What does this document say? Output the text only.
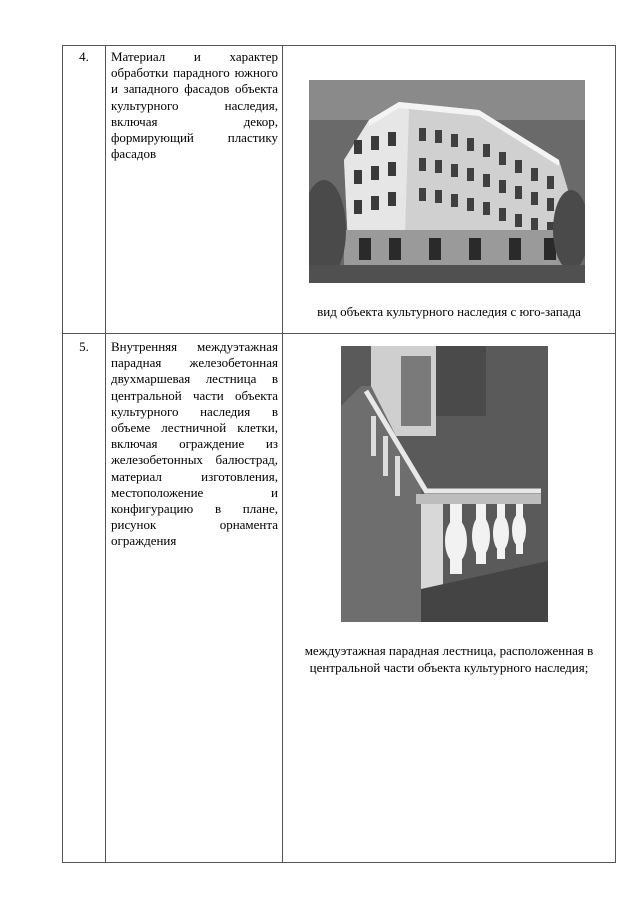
4.	Материал и характер обработки парадного южного и западного фасадов объекта культурного наследия, включая декор, формирующий пластику фасадов
вид объекта культурного наследия с юго-запада
5.	Внутренняя междуэтажная парадная железобетонная двухмаршевая лестница в центральной части объекта культурного наследия в объеме лестничной клетки, включая ограждение из железобетонных балюстрад, материал изготовления, местоположение и конфигурацию в плане, рисунок орнамента ограждения
междуэтажная парадная лестница, расположенная в центральной части объекта культурного наследия;
